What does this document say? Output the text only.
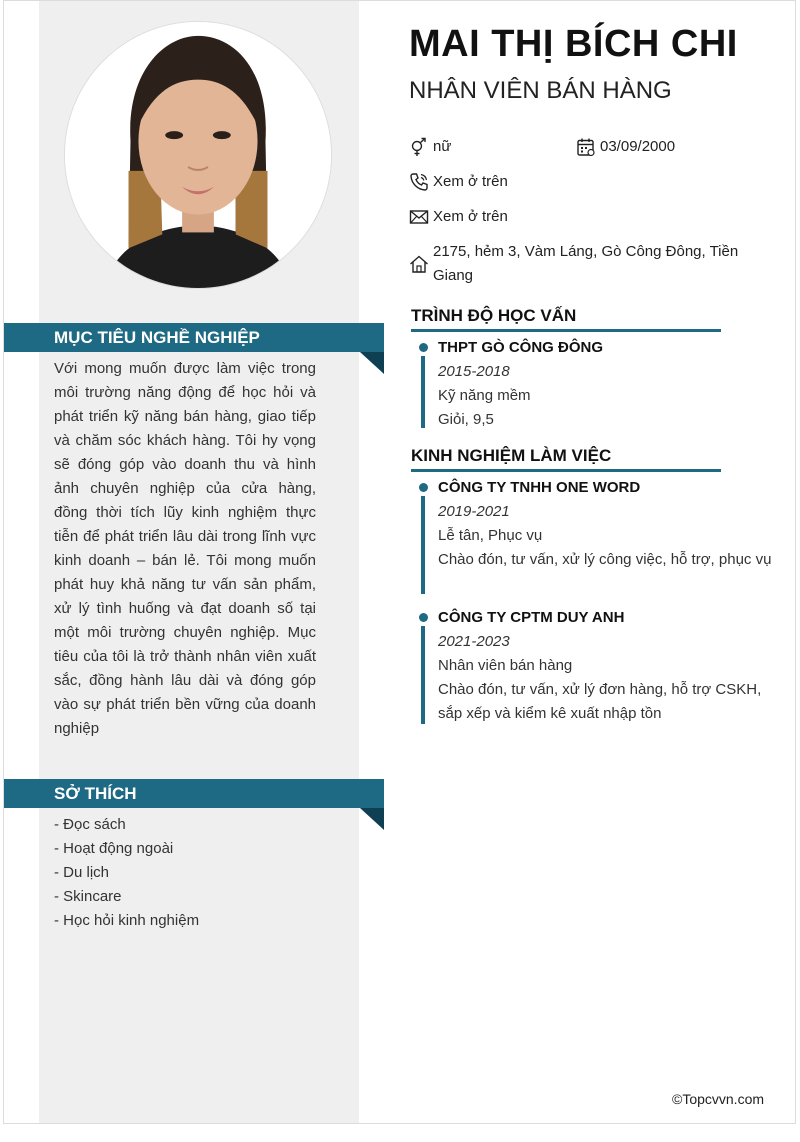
MỤC TIÊU NGHỀ NGHIỆP
Với mong muốn được làm việc trong môi trường năng động để học hỏi và phát triển kỹ năng bán hàng, giao tiếp và chăm sóc khách hàng. Tôi hy vọng sẽ đóng góp vào doanh thu và hình ảnh chuyên nghiệp của cửa hàng, đồng thời tích lũy kinh nghiệm thực tiễn để phát triển lâu dài trong lĩnh vực kinh doanh – bán lẻ. Tôi mong muốn phát huy khả năng tư vấn sản phẩm, xử lý tình huống và đạt doanh số tại một môi trường chuyên nghiệp. Mục tiêu của tôi là trở thành nhân viên xuất sắc, đồng hành lâu dài và đóng góp vào sự phát triển bền vững của doanh nghiệp
SỞ THÍCH
- Đọc sách
- Hoạt động ngoài
- Du lịch
- Skincare
- Học hỏi kinh nghiệm
MAI THỊ BÍCH CHI
NHÂN VIÊN BÁN HÀNG
nữ	03/09/2000
Xem ở trên
Xem ở trên
2175, hẻm 3, Vàm Láng, Gò Công Đông, Tiền Giang
TRÌNH ĐỘ HỌC VẤN
THPT GÒ CÔNG ĐÔNG
2015-2018
Kỹ năng mềm
Giỏi, 9,5
KINH NGHIỆM LÀM VIỆC
CÔNG TY TNHH ONE WORD
2019-2021
Lễ tân, Phục vụ
Chào đón, tư vấn, xử lý công việc, hỗ trợ, phục vụ
CÔNG TY CPTM DUY ANH
2021-2023
Nhân viên bán hàng
Chào đón, tư vấn, xử lý đơn hàng, hỗ trợ CSKH, sắp xếp và kiểm kê xuất nhập tồn
©Topcvvn.com
